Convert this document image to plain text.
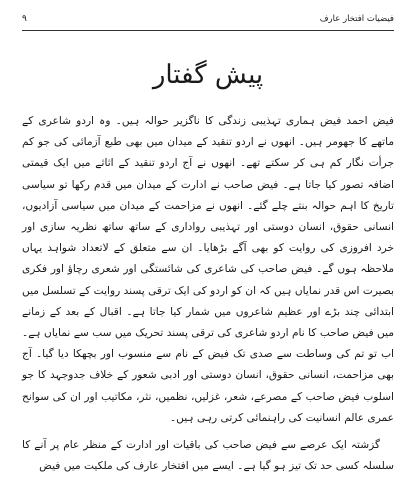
فیضیات افتخار عارف
۹
پیش گفتار

فیض احمد فیض ہماری تہذیبی زندگی کا ناگزیر حوالہ ہیں۔ وہ اردو شاعری کے ماتھے کا جھومر ہیں۔ انھوں نے اردو تنقید کے میدان میں بھی طبع آزمائی کی جو کم جرأت نگار کم ہی کر سکتے تھے۔ انھوں نے آج اردو تنقید کے اثاثے میں ایک قیمتی اضافہ تصور کیا جاتا ہے۔ فیض صاحب نے ادارت کے میدان میں قدم رکھا تو سیاسی تاریخ کا اہم حوالہ بنتے چلے گئے۔ انھوں نے مزاحمت کے میدان میں سیاسی آزادیوں، انسانی حقوق، انسان دوستی اور تہذیبی رواداری کے ساتھ ساتھ نظریہ سازی اور خرد افروزی کی روایت کو بھی آگے بڑھایا۔ ان سے متعلق کے لاتعداد شواہد یہاں ملاحظہ ہوں گے۔ فیض صاحب کی شاعری کی شائستگی اور شعری رچاؤ اور فکری بصیرت اس قدر نمایاں ہیں کہ ان کو اردو کی ایک ترقی پسند روایت کے تسلسل میں ابتدائی چند بڑے اور عظیم شاعروں میں شمار کیا جاتا ہے۔ اقبال کے بعد کے زمانے میں فیض صاحب کا نام اردو شاعری کی ترقی پسند تحریک میں سب سے نمایاں ہے۔ اب تو تم کی وساطت سے صدی تک فیض کے نام سے منسوب اور بچھکا دیا گیا۔ آج بھی مزاحمت، انسانی حقوق، انسان دوستی اور ادبی شعور کے خلاف جدوجہد کا جو اسلوب فیض صاحب کے مصرعے، شعر، غزلیں، نظمیں، نثر، مکاتیب اور ان کی سوانح عمری عالم انسانیت کی راہنمائی کرتی رہی ہیں۔

گزشتہ ایک عرصے سے فیض صاحب کی باقیات اور ادارت کے منظر عام پر آنے کا سلسلہ کسی حد تک تیز ہو گیا ہے۔ ایسے میں افتخار عارف کی ملکیت میں فیض
